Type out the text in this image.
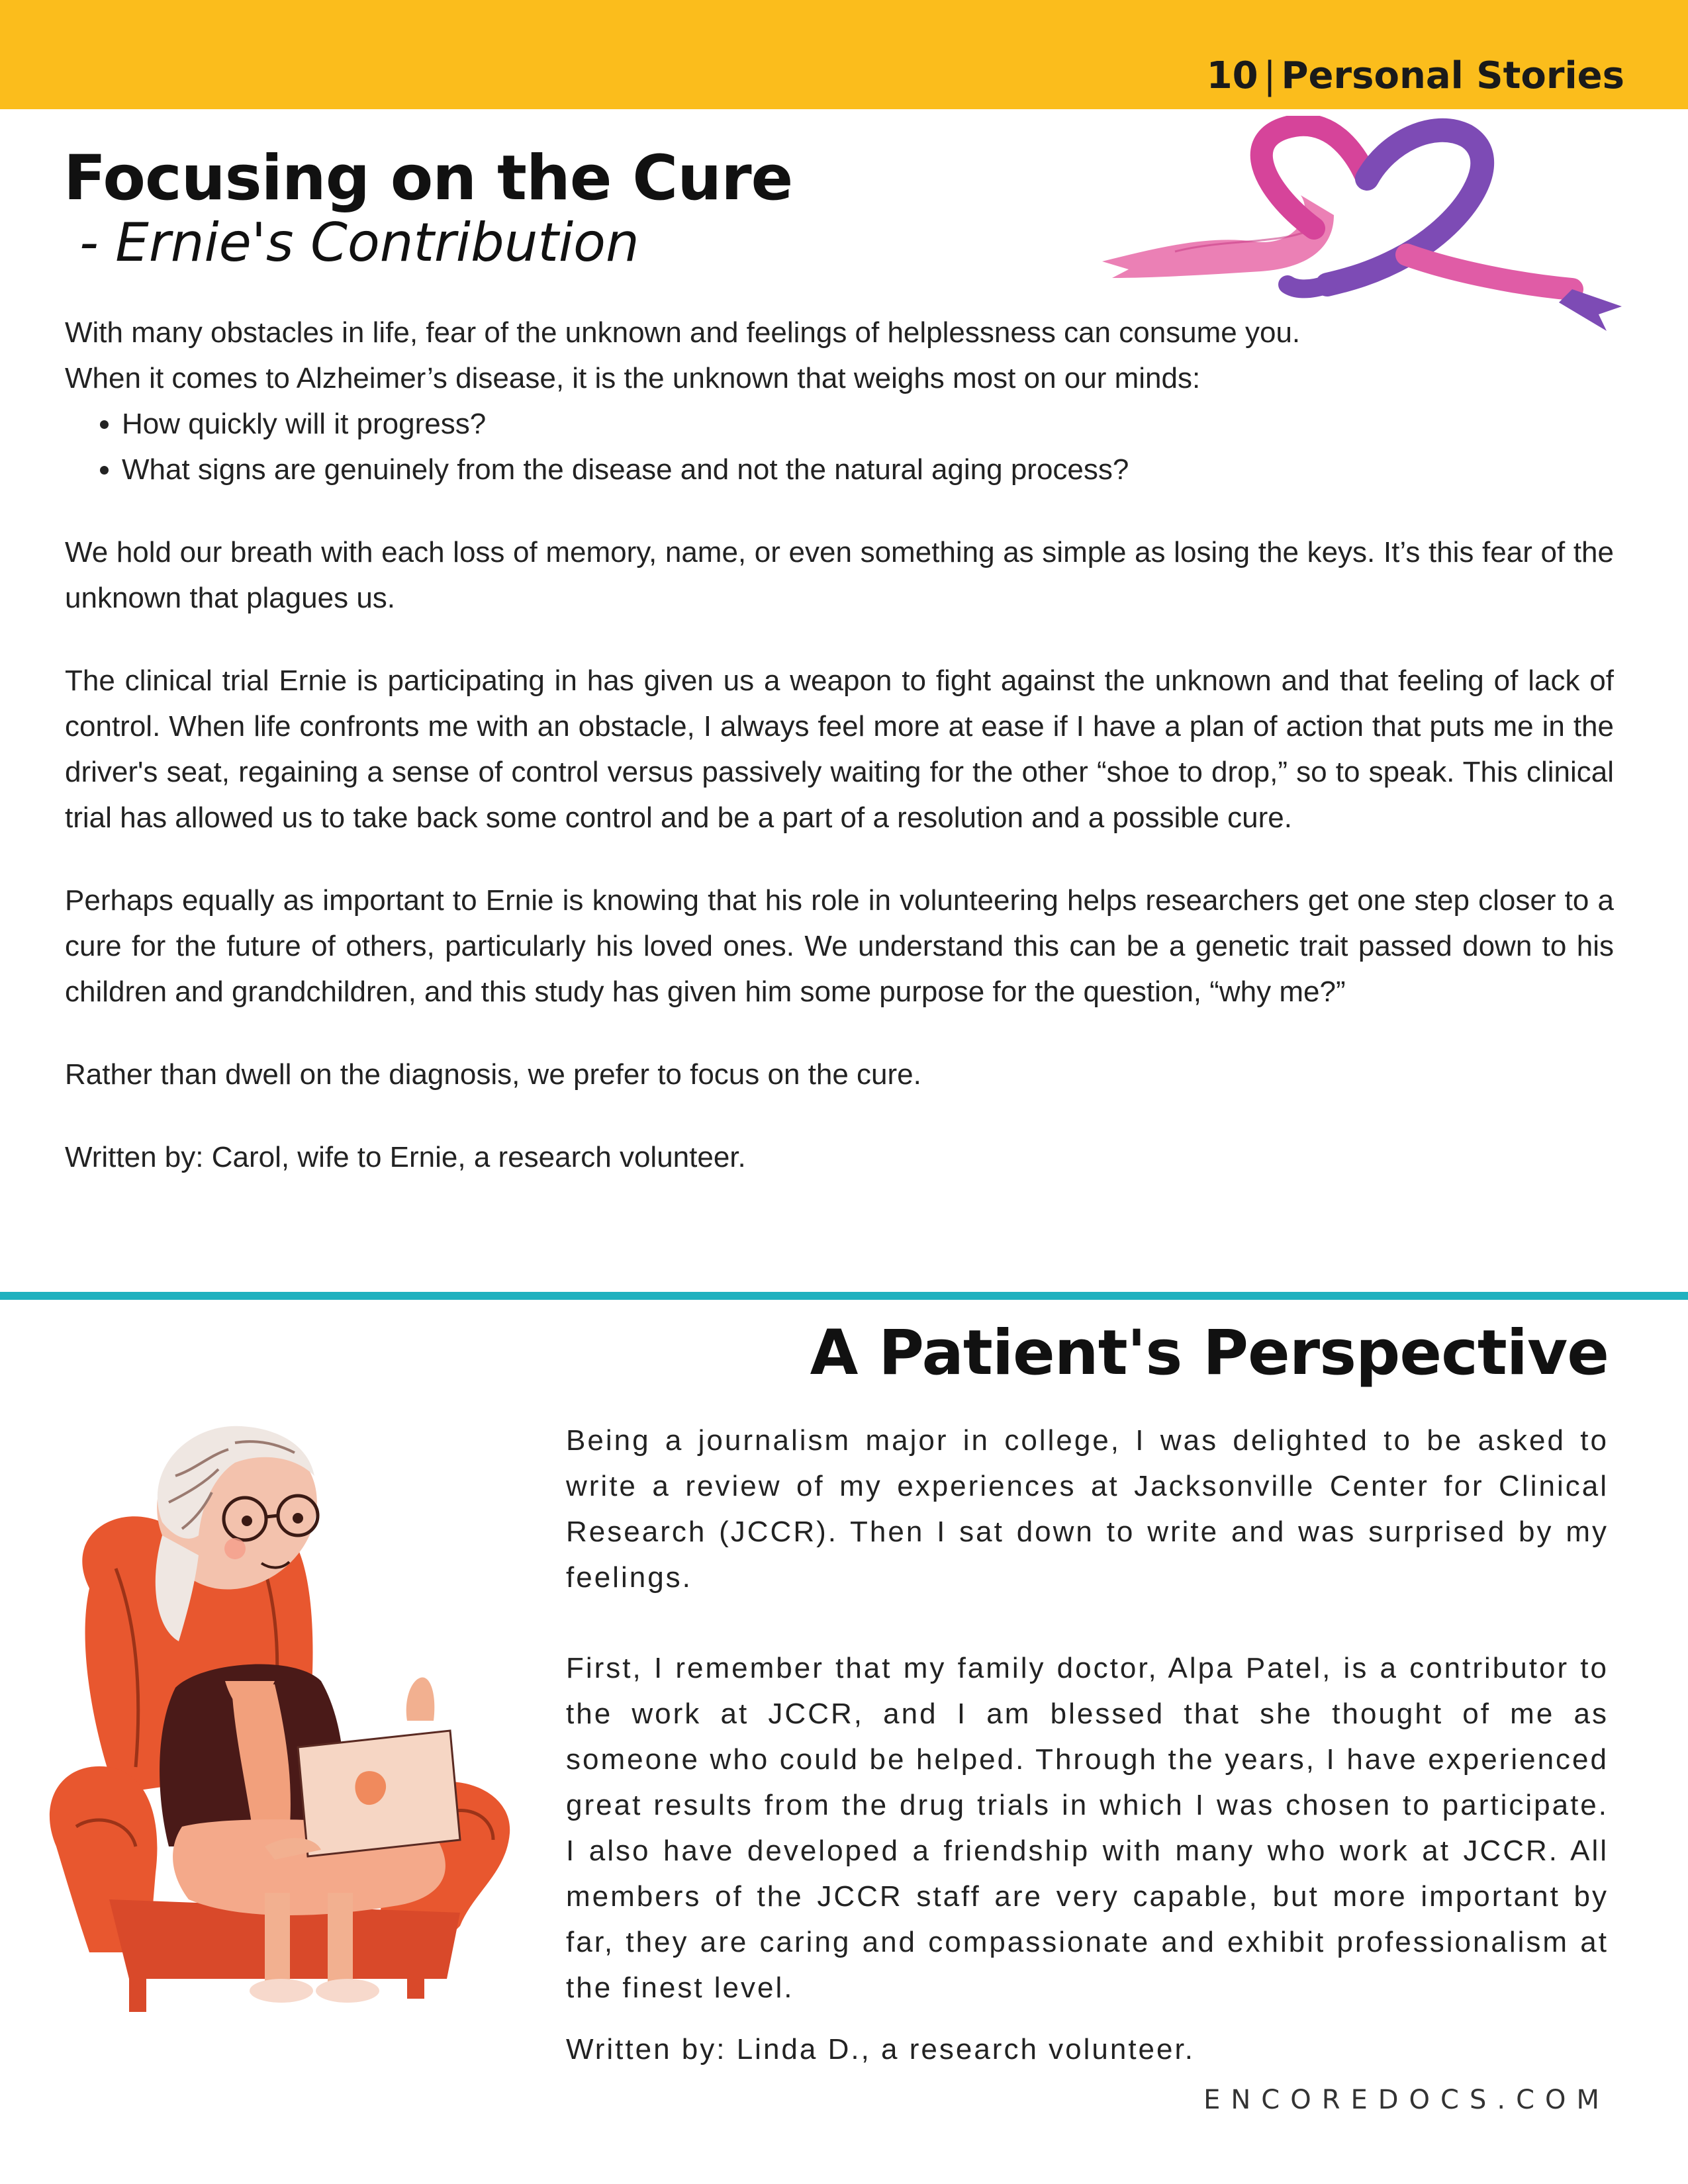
10 | Personal Stories
Focusing on the Cure
- Ernie's Contribution
With many obstacles in life, fear of the unknown and feelings of helplessness can consume you.
When it comes to Alzheimer’s disease, it is the unknown that weighs most on our minds:
• How quickly will it progress?
• What signs are genuinely from the disease and not the natural aging process?

We hold our breath with each loss of memory, name, or even something as simple as losing the keys. It’s this fear of the unknown that plagues us.

The clinical trial Ernie is participating in has given us a weapon to fight against the unknown and that feeling of lack of control. When life confronts me with an obstacle, I always feel more at ease if I have a plan of action that puts me in the driver's seat, regaining a sense of control versus passively waiting for the other “shoe to drop,” so to speak. This clinical trial has allowed us to take back some control and be a part of a resolution and a possible cure.

Perhaps equally as important to Ernie is knowing that his role in volunteering helps researchers get one step closer to a cure for the future of others, particularly his loved ones. We understand this can be a genetic trait passed down to his children and grandchildren, and this study has given him some purpose for the question, “why me?”

Rather than dwell on the diagnosis, we prefer to focus on the cure.

Written by: Carol, wife to Ernie, a research volunteer.

A Patient's Perspective

Being a journalism major in college, I was delighted to be asked to write a review of my experiences at Jacksonville Center for Clinical Research (JCCR). Then I sat down to write and was surprised by my feelings.

First, I remember that my family doctor, Alpa Patel, is a contributor to the work at JCCR, and I am blessed that she thought of me as someone who could be helped. Through the years, I have experienced great results from the drug trials in which I was chosen to participate. I also have developed a friendship with many who work at JCCR. All members of the JCCR staff are very capable, but more important by far, they are caring and compassionate and exhibit professionalism at the finest level.

Written by: Linda D., a research volunteer.

ENCOREDOCS.COM
